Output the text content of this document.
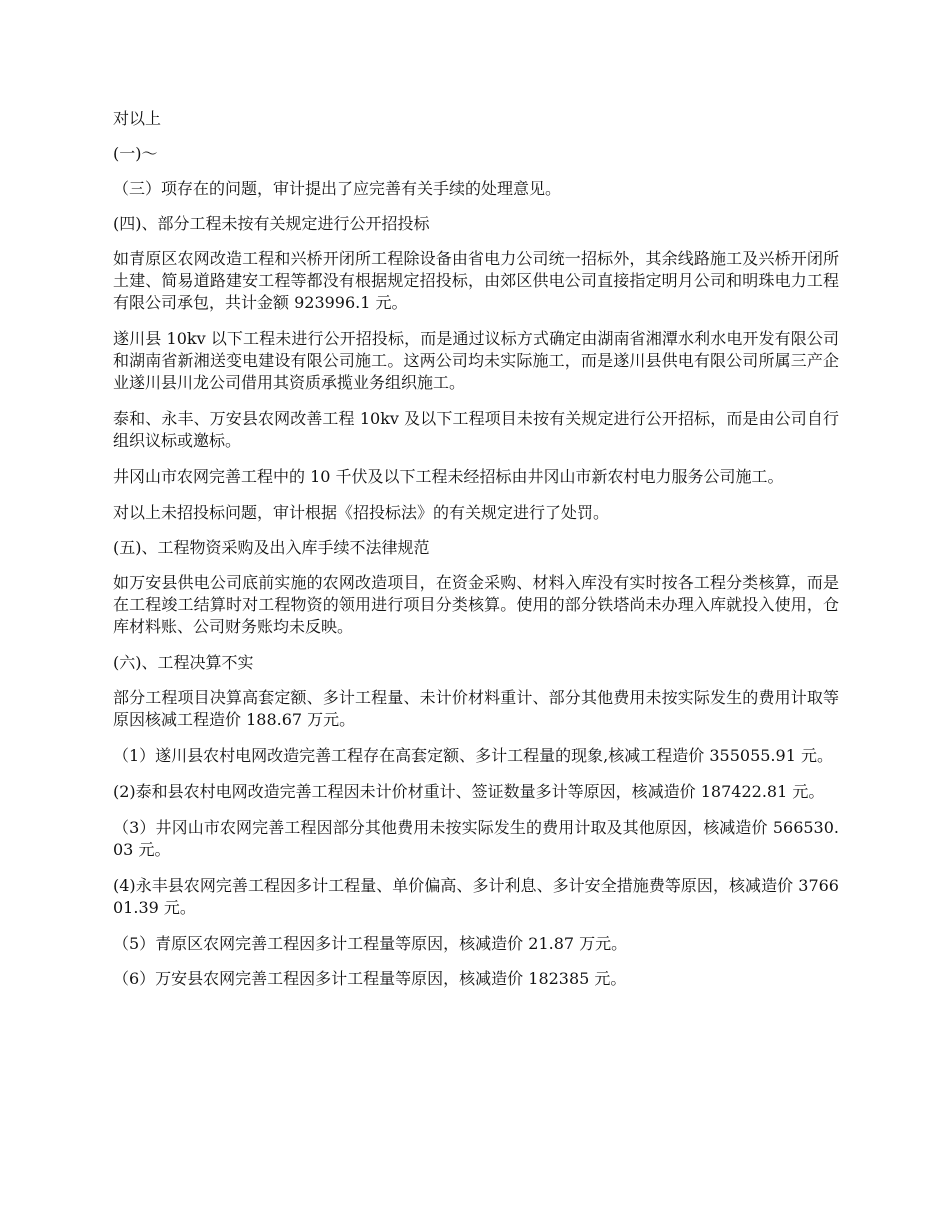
对以上

(一)～

（三）项存在的问题，审计提出了应完善有关手续的处理意见。

(四)、部分工程未按有关规定进行公开招投标

如青原区农网改造工程和兴桥开闭所工程除设备由省电力公司统一招标外，其余线路施工及兴桥开闭所土建、简易道路建安工程等都没有根据规定招投标，由郊区供电公司直接指定明月公司和明珠电力工程有限公司承包，共计金额 923996.1 元。

遂川县 10kv 以下工程未进行公开招投标，而是通过议标方式确定由湖南省湘潭水利水电开发有限公司和湖南省新湘送变电建设有限公司施工。这两公司均未实际施工，而是遂川县供电有限公司所属三产企业遂川县川龙公司借用其资质承揽业务组织施工。

泰和、永丰、万安县农网改善工程 10kv 及以下工程项目未按有关规定进行公开招标，而是由公司自行组织议标或邀标。

井冈山市农网完善工程中的 10 千伏及以下工程未经招标由井冈山市新农村电力服务公司施工。

对以上未招投标问题，审计根据《招投标法》的有关规定进行了处罚。

(五)、工程物资采购及出入库手续不法律规范

如万安县供电公司底前实施的农网改造项目，在资金采购、材料入库没有实时按各工程分类核算，而是在工程竣工结算时对工程物资的领用进行项目分类核算。使用的部分铁塔尚未办理入库就投入使用，仓库材料账、公司财务账均未反映。

(六)、工程决算不实

部分工程项目决算高套定额、多计工程量、未计价材料重计、部分其他费用未按实际发生的费用计取等原因核减工程造价 188.67 万元。

（1）遂川县农村电网改造完善工程存在高套定额、多计工程量的现象,核减工程造价 355055.91 元。

(2)泰和县农村电网改造完善工程因未计价材重计、签证数量多计等原因，核减造价 187422.81 元。

（3）井冈山市农网完善工程因部分其他费用未按实际发生的费用计取及其他原因，核减造价 566530.03 元。

(4)永丰县农网完善工程因多计工程量、单价偏高、多计利息、多计安全措施费等原因，核减造价 376601.39 元。

（5）青原区农网完善工程因多计工程量等原因，核减造价 21.87 万元。

（6）万安县农网完善工程因多计工程量等原因，核减造价 182385 元。
